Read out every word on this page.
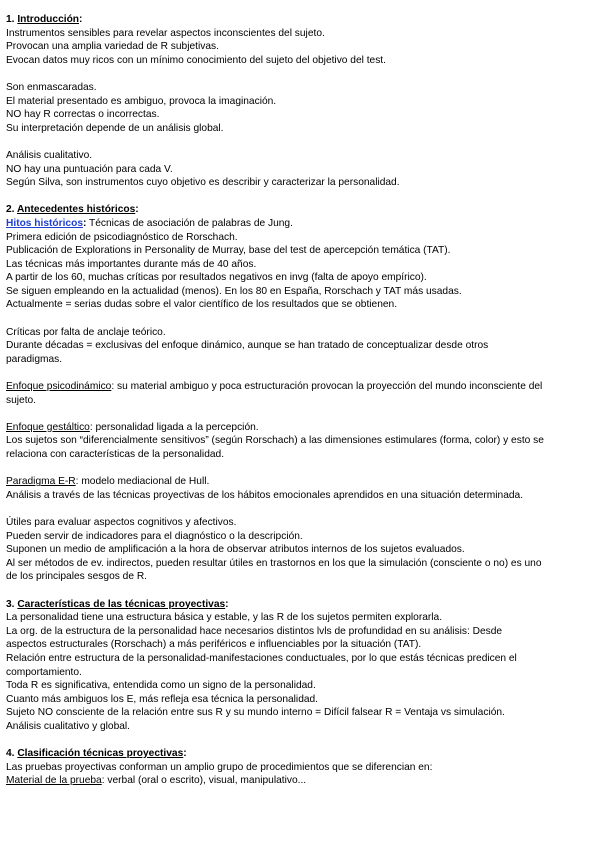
1. Introducción:
Instrumentos sensibles para revelar aspectos inconscientes del sujeto.
Provocan una amplia variedad de R subjetivas.
Evocan datos muy ricos con un mínimo conocimiento del sujeto del objetivo del test.
Son enmascaradas.
El material presentado es ambiguo, provoca la imaginación.
NO hay R correctas o incorrectas.
Su interpretación depende de un análisis global.
Análisis cualitativo.
NO hay una puntuación para cada V.
Según Silva, son instrumentos cuyo objetivo es describir y caracterizar la personalidad.
2. Antecedentes históricos:
Hitos históricos: Técnicas de asociación de palabras de Jung.
Primera edición de psicodiagnóstico de Rorschach.
Publicación de Explorations in Personality de Murray, base del test de apercepción temática (TAT).
Las técnicas más importantes durante más de 40 años.
A partir de los 60, muchas críticas por resultados negativos en invg (falta de apoyo empírico).
Se siguen empleando en la actualidad (menos). En los 80 en España, Rorschach y TAT más usadas.
Actualmente = serias dudas sobre el valor científico de los resultados que se obtienen.
Críticas por falta de anclaje teórico.
Durante décadas = exclusivas del enfoque dinámico, aunque se han tratado de conceptualizar desde otros
paradigmas.
Enfoque psicodinámico: su material ambiguo y poca estructuración provocan la proyección del mundo inconsciente del
sujeto.
Enfoque gestáltico: personalidad ligada a la percepción.
Los sujetos son “diferencialmente sensitivos” (según Rorschach) a las dimensiones estimulares (forma, color) y esto se
relaciona con características de la personalidad.
Paradigma E-R: modelo mediacional de Hull.
Análisis a través de las técnicas proyectivas de los hábitos emocionales aprendidos en una situación determinada.
Útiles para evaluar aspectos cognitivos y afectivos.
Pueden servir de indicadores para el diagnóstico o la descripción.
Suponen un medio de amplificación a la hora de observar atributos internos de los sujetos evaluados.
Al ser métodos de ev. indirectos, pueden resultar útiles en trastornos en los que la simulación (consciente o no) es uno
de los principales sesgos de R.
3. Características de las técnicas proyectivas:
La personalidad tiene una estructura básica y estable, y las R de los sujetos permiten explorarla.
La org. de la estructura de la personalidad hace necesarios distintos lvls de profundidad en su análisis: Desde
aspectos estructurales (Rorschach) a más periféricos e influenciables por la situación (TAT).
Relación entre estructura de la personalidad-manifestaciones conductuales, por lo que estás técnicas predicen el
comportamiento.
Toda R es significativa, entendida como un signo de la personalidad.
Cuanto más ambiguos los E, más refleja esa técnica la personalidad.
Sujeto NO consciente de la relación entre sus R y su mundo interno = Difícil falsear R = Ventaja vs simulación.
Análisis cualitativo y global.
4. Clasificación técnicas proyectivas:
Las pruebas proyectivas conforman un amplio grupo de procedimientos que se diferencian en:
Material de la prueba: verbal (oral o escrito), visual, manipulativo...
